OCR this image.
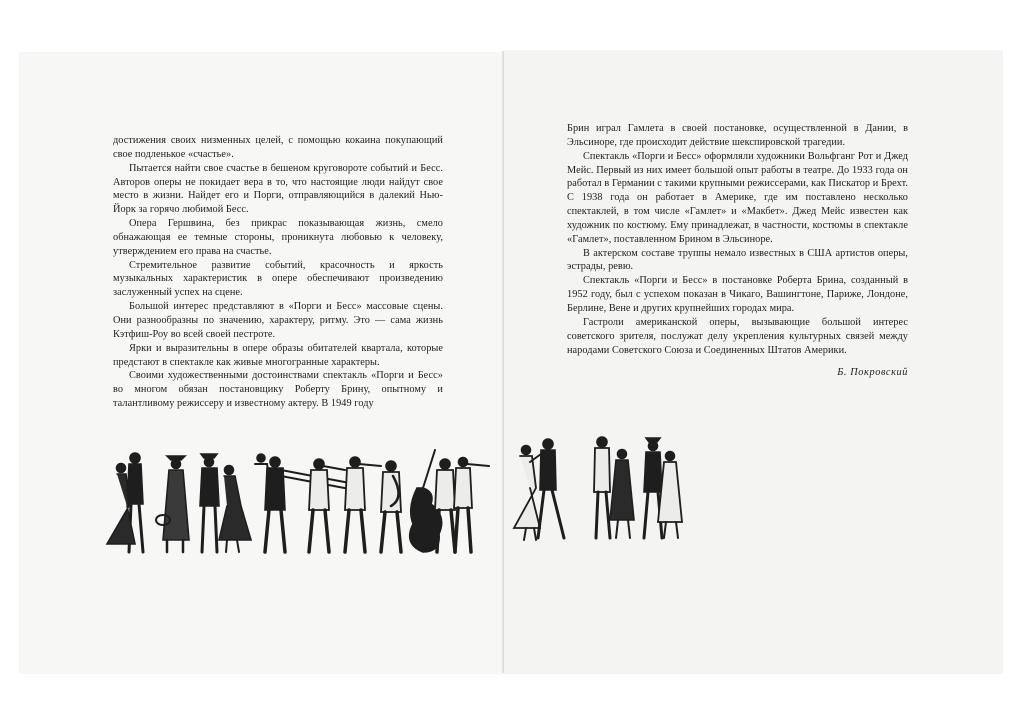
достижения своих низменных целей, с помощью кокаина покупающий свое подленькое «счастье».

Пытается найти свое счастье в бешеном круговороте событий и Бесс. Авторов оперы не покидает вера в то, что настоящие люди найдут свое место в жизни. Найдет его и Порги, отправляющийся в далекий Нью-Йорк за горячо любимой Бесс.

Опера Гершвина, без прикрас показывающая жизнь, смело обнажающая ее темные стороны, проникнута любовью к человеку, утверждением его права на счастье.

Стремительное развитие событий, красочность и яркость музыкальных характеристик в опере обеспечивают произведению заслуженный успех на сцене.

Большой интерес представляют в «Порги и Бесс» массовые сцены. Они разнообразны по значению, характеру, ритму. Это — сама жизнь Кэтфиш-Роу во всей своей пестроте.

Ярки и выразительны в опере образы обитателей квартала, которые предстают в спектакле как живые многогранные характеры.

Своими художественными достоинствами спектакль «Порги и Бесс» во многом обязан постановщику Роберту Брину, опытному и талантливому режиссеру и известному актеру. В 1949 году

Брин играл Гамлета в своей постановке, осуществленной в Дании, в Эльсиноре, где происходит действие шекспировской трагедии.

Спектакль «Порги и Бесс» оформляли художники Вольфганг Рот и Джед Мейс. Первый из них имеет большой опыт работы в театре. До 1933 года он работал в Германии с такими крупными режиссерами, как Пискатор и Брехт. С 1938 года он работает в Америке, где им поставлено несколько спектаклей, в том числе «Гамлет» и «Макбет». Джед Мейс известен как художник по костюму. Ему принадлежат, в частности, костюмы в спектакле «Гамлет», поставленном Брином в Эльсиноре.

В актерском составе труппы немало известных в США артистов оперы, эстрады, ревю.

Спектакль «Порги и Бесс» в постановке Роберта Брина, созданный в 1952 году, был с успехом показан в Чикаго, Вашингтоне, Париже, Лондоне, Берлине, Вене и других крупнейших городах мира.

Гастроли американской оперы, вызывающие большой интерес советского зрителя, послужат делу укрепления культурных связей между народами Советского Союза и Соединенных Штатов Америки.

Б. Покровский
